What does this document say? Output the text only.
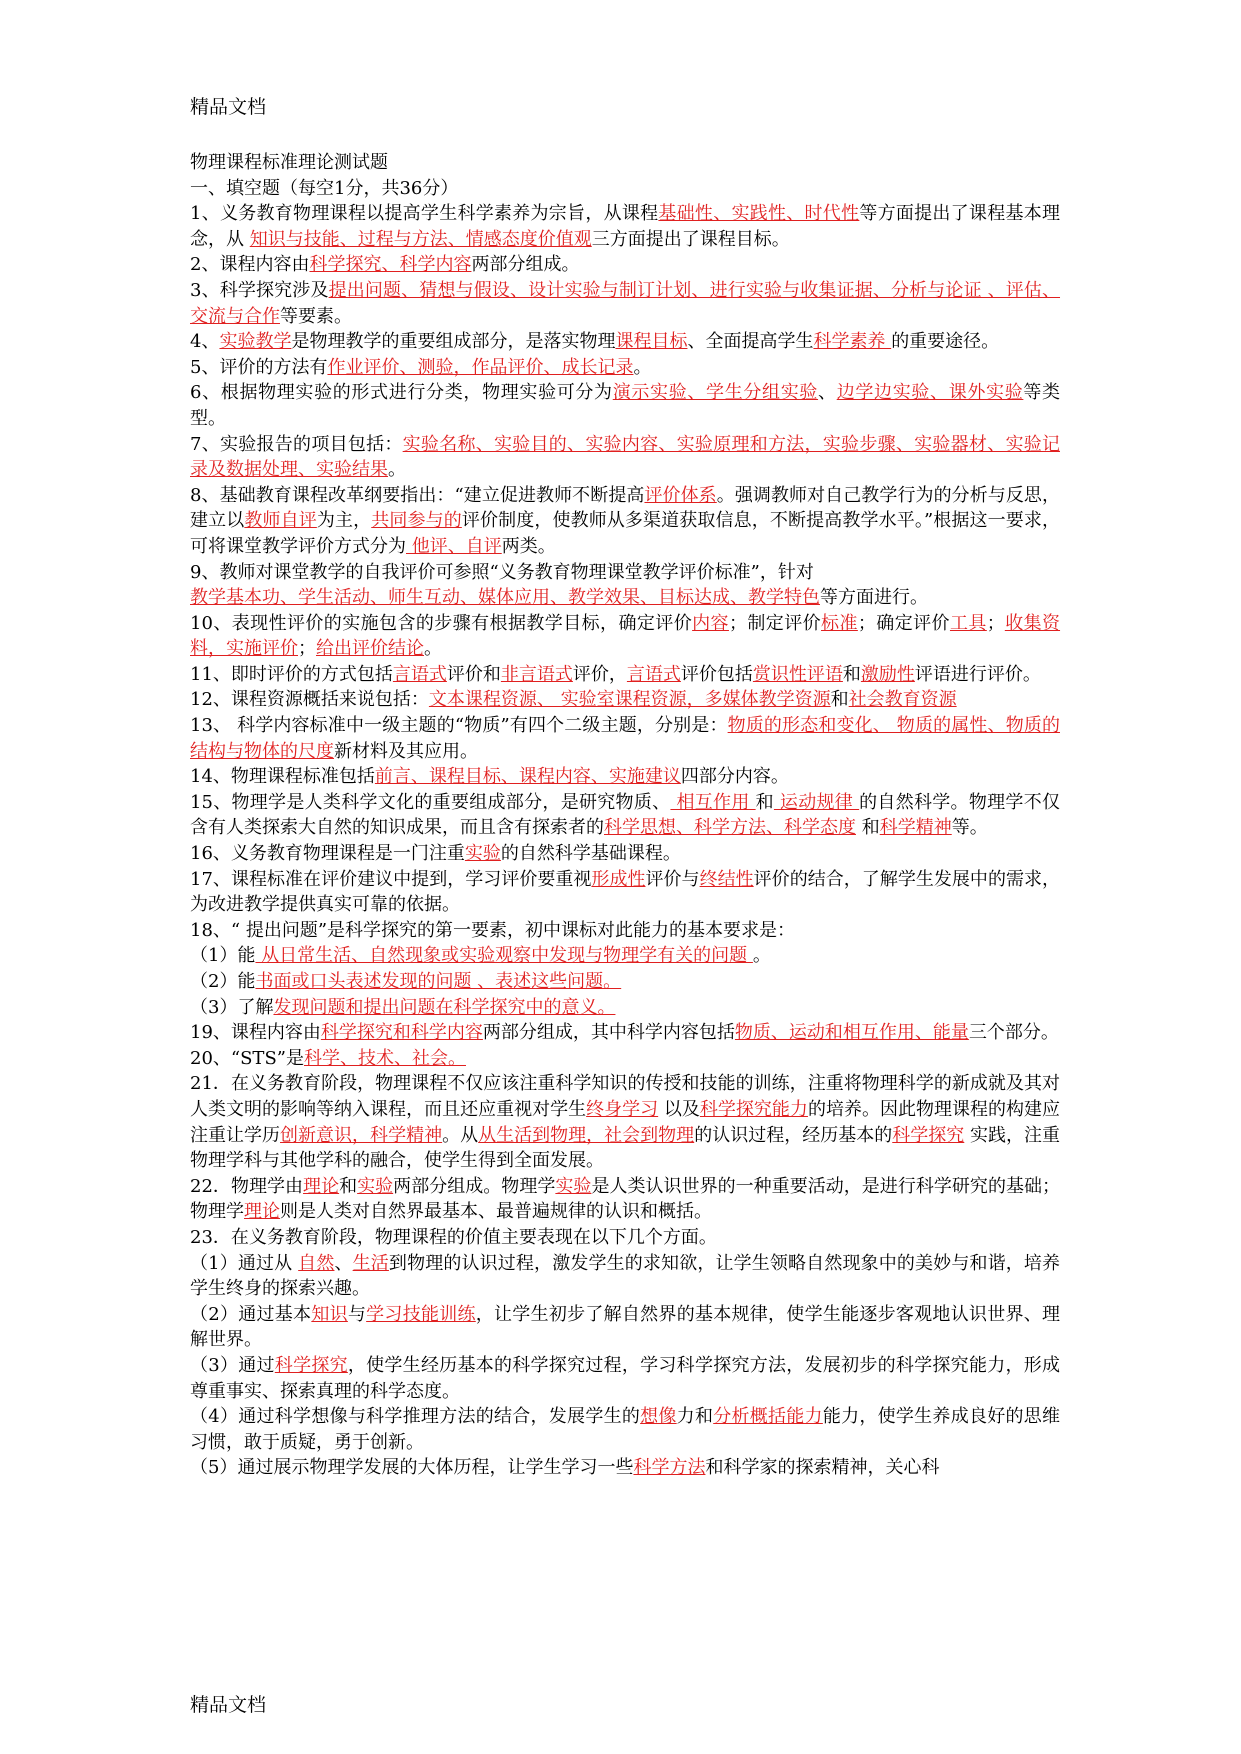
精品文档

物理课程标准理论测试题

一、填空题（每空1分，共36分）

1、义务教育物理课程以提高学生科学素养为宗旨，从课程基础性、实践性、时代性等方面提出了课程基本理念，从 知识与技能、过程与方法、情感态度价值观三方面提出了课程目标。

2、课程内容由科学探究、科学内容两部分组成。

3、科学探究涉及提出问题、猜想与假设、设计实验与制订计划、进行实验与收集证据、分析与论证 、评估、交流与合作等要素。

4、实验教学是物理教学的重要组成部分，是落实物理课程目标、全面提高学生科学素养 的重要途径。

5、评价的方法有作业评价、测验，作品评价、成长记录。

6、根据物理实验的形式进行分类，物理实验可分为演示实验、学生分组实验、边学边实验、课外实验等类型。

7、实验报告的项目包括：实验名称、实验目的、实验内容、实验原理和方法，实验步骤、实验器材、实验记录及数据处理、实验结果。

8、基础教育课程改革纲要指出：“建立促进教师不断提高评价体系。强调教师对自己教学行为的分析与反思，建立以教师自评为主，共同参与的评价制度，使教师从多渠道获取信息，不断提高教学水平。”根据这一要求，可将课堂教学评价方式分为 他评、自评两类。

9、教师对课堂教学的自我评价可参照“义务教育物理课堂教学评价标准”，针对

教学基本功、学生活动、师生互动、媒体应用、教学效果、目标达成、教学特色等方面进行。

10、表现性评价的实施包含的步骤有根据教学目标，确定评价内容；制定评价标准；确定评价工具；收集资料，实施评价；给出评价结论。

11、即时评价的方式包括言语式评价和非言语式评价，言语式评价包括赏识性评语和激励性评语进行评价。

12、课程资源概括来说包括：文本课程资源、 实验室课程资源，多媒体教学资源和社会教育资源

13、 科学内容标准中一级主题的“物质”有四个二级主题，分别是：物质的形态和变化、 物质的属性、物质的结构与物体的尺度新材料及其应用。

14、物理课程标准包括前言、课程目标、课程内容、实施建议四部分内容。

15、物理学是人类科学文化的重要组成部分，是研究物质、 相互作用 和 运动规律 的自然科学。物理学不仅含有人类探索大自然的知识成果，而且含有探索者的科学思想、科学方法、科学态度 和科学精神等。

16、义务教育物理课程是一门注重实验的自然科学基础课程。

17、课程标准在评价建议中提到，学习评价要重视形成性评价与终结性评价的结合，了解学生发展中的需求，为改进教学提供真实可靠的依据。

18、“ 提出问题”是科学探究的第一要素，初中课标对此能力的基本要求是：

（1）能 从日常生活、自然现象或实验观察中发现与物理学有关的问题 。

（2）能书面或口头表述发现的问题 、表述这些问题。

（3）了解发现问题和提出问题在科学探究中的意义。

19、课程内容由科学探究和科学内容两部分组成，其中科学内容包括物质、运动和相互作用、能量三个部分。

20、“STS”是科学、技术、社会。

21．在义务教育阶段，物理课程不仅应该注重科学知识的传授和技能的训练，注重将物理科学的新成就及其对人类文明的影响等纳入课程，而且还应重视对学生终身学习 以及科学探究能力的培养。因此物理课程的构建应注重让学历创新意识，科学精神。从从生活到物理，社会到物理的认识过程，经历基本的科学探究 实践，注重物理学科与其他学科的融合，使学生得到全面发展。

22．物理学由理论和实验两部分组成。物理学实验是人类认识世界的一种重要活动，是进行科学研究的基础；物理学理论则是人类对自然界最基本、最普遍规律的认识和概括。

23．在义务教育阶段，物理课程的价值主要表现在以下几个方面。

（1）通过从 自然、生活到物理的认识过程，激发学生的求知欲，让学生领略自然现象中的美妙与和谐，培养学生终身的探索兴趣。

（2）通过基本知识与学习技能训练，让学生初步了解自然界的基本规律，使学生能逐步客观地认识世界、理解世界。

（3）通过科学探究，使学生经历基本的科学探究过程，学习科学探究方法，发展初步的科学探究能力，形成尊重事实、探索真理的科学态度。

（4）通过科学想像与科学推理方法的结合，发展学生的想像力和分析概括能力能力，使学生养成良好的思维习惯，敢于质疑，勇于创新。

（5）通过展示物理学发展的大体历程，让学生学习一些科学方法和科学家的探索精神，关心科

精品文档
